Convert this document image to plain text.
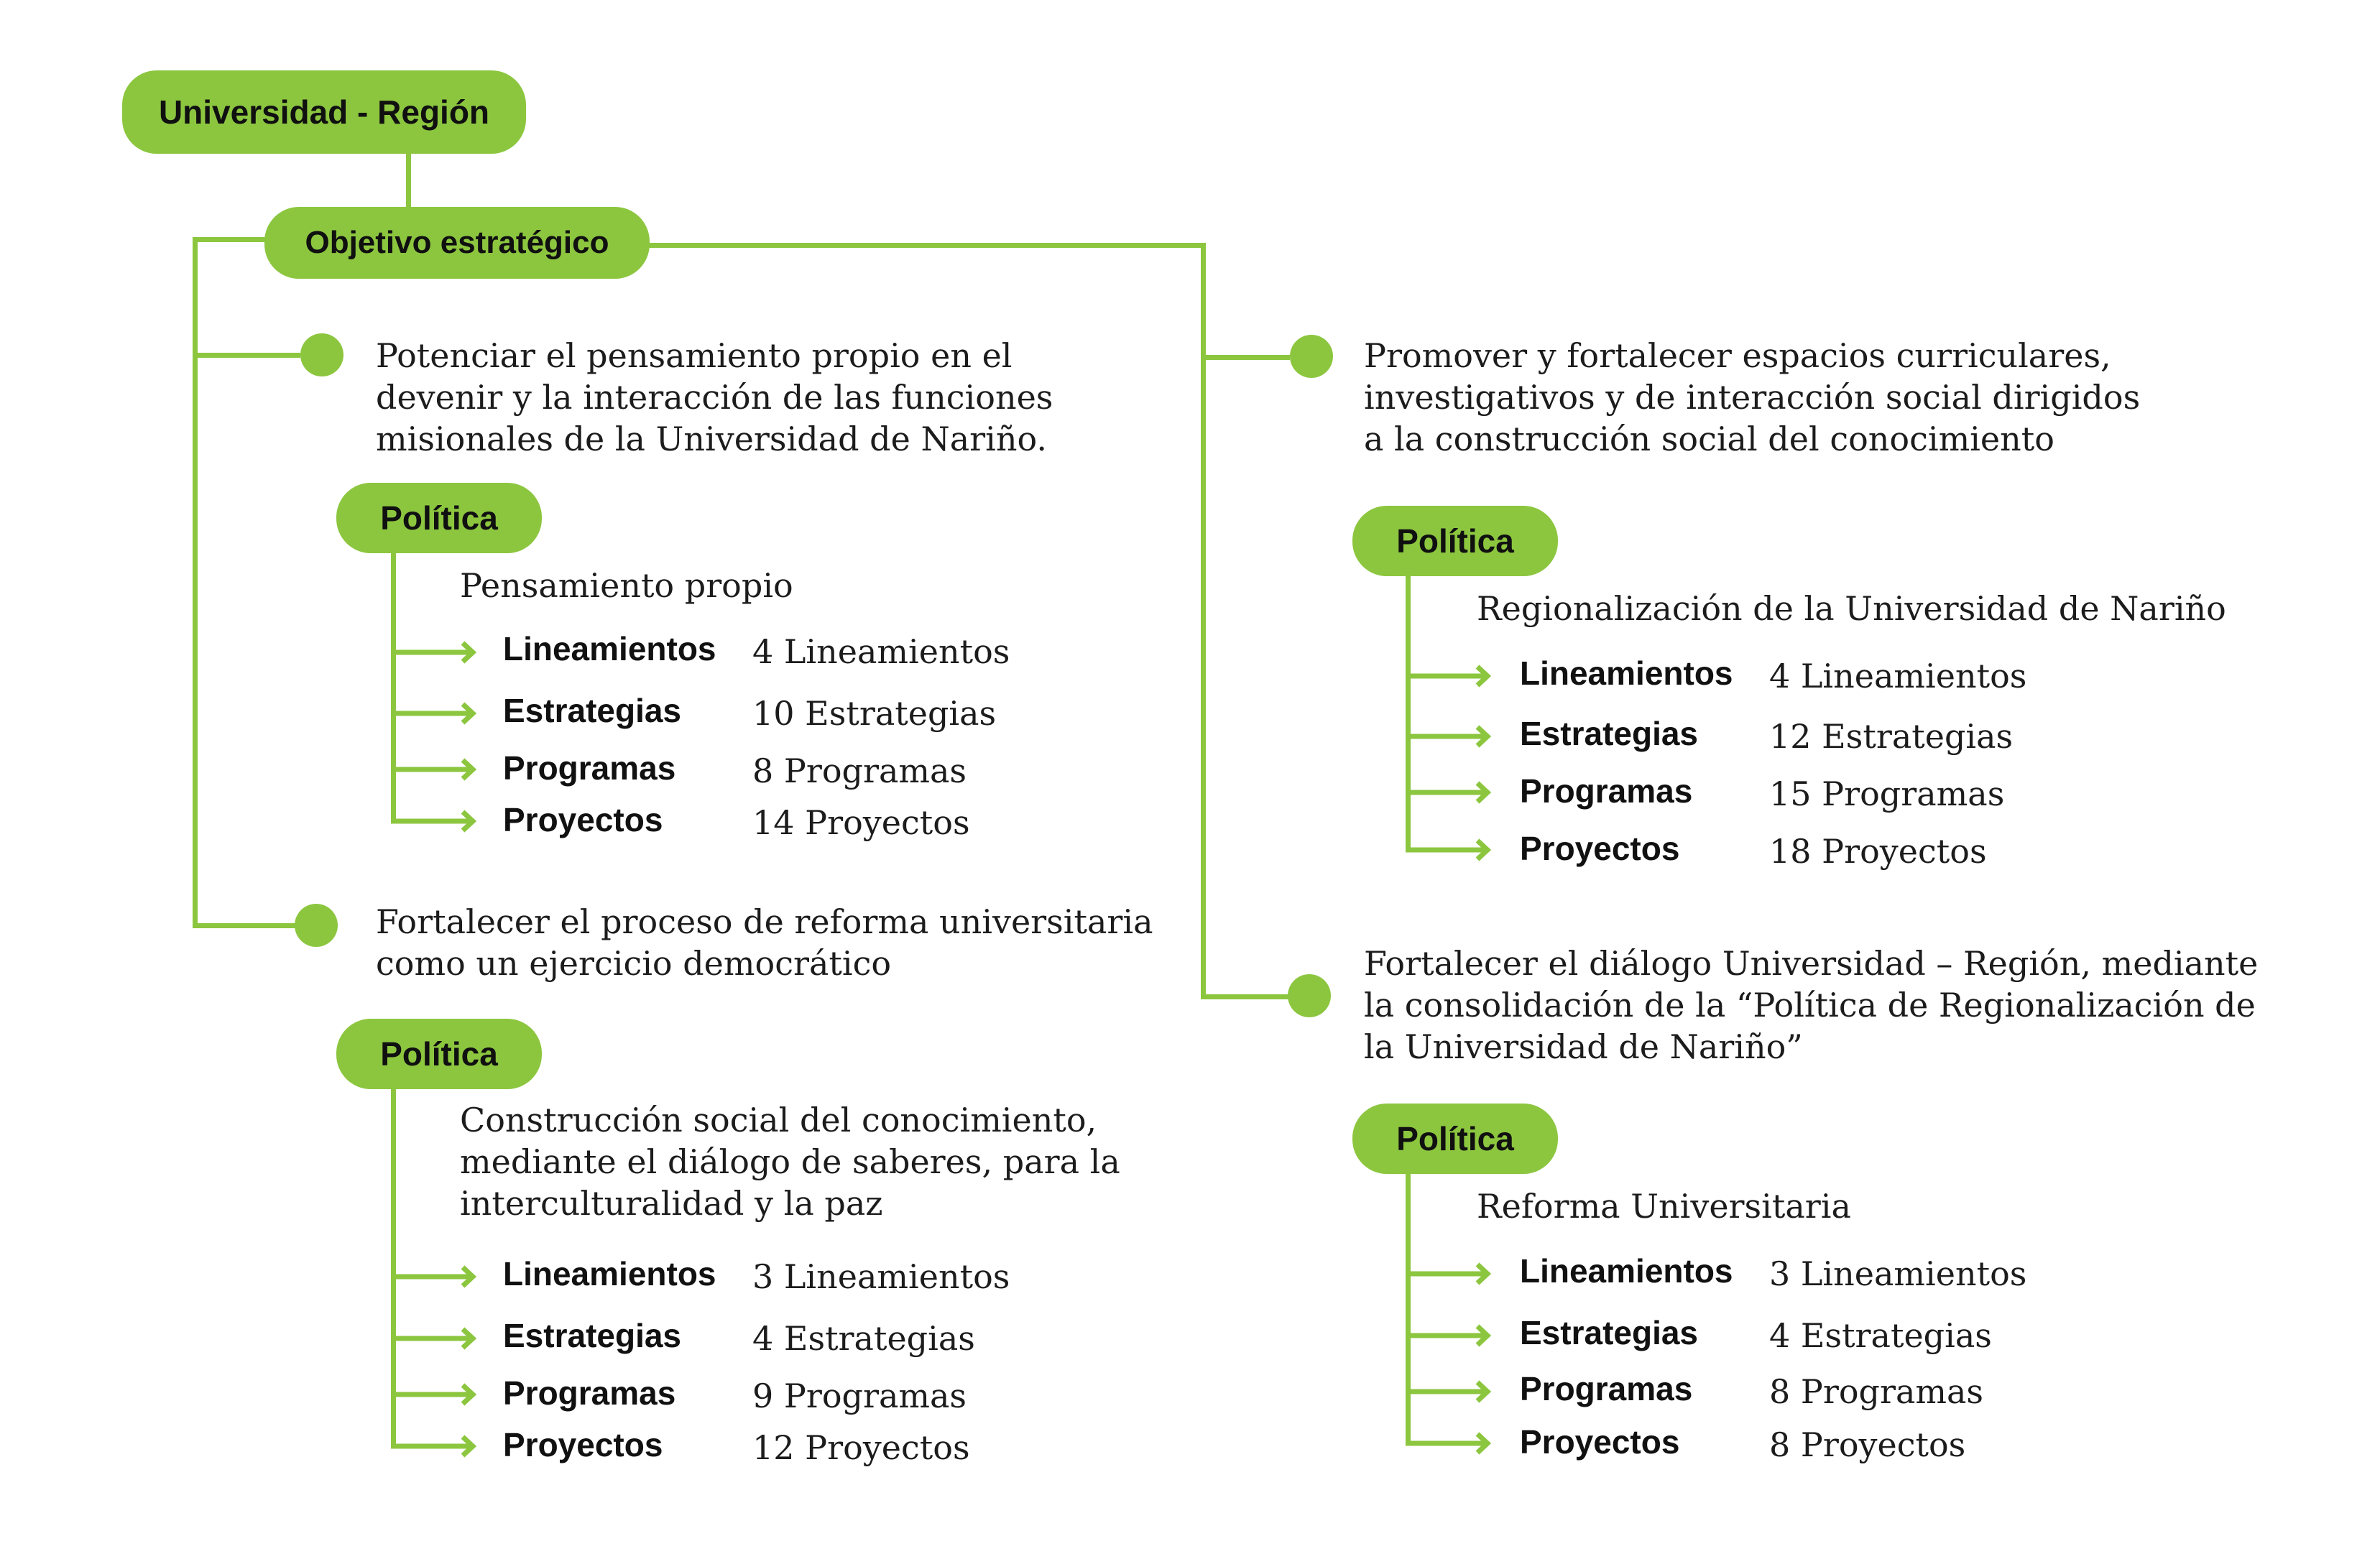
Universidad - Región
Objetivo estratégico
Potenciar el pensamiento propio en el
devenir y la interacción de las funciones
misionales de la Universidad de Nariño.
Política
Pensamiento propio
Lineamientos 4 Lineamientos
Estrategias 10 Estrategias
Programas 8 Programas
Proyectos	14 Proyectos
Fortalecer el proceso de reforma universitaria
como un ejercicio democrático
Política
Construcción social del conocimiento,
mediante el diálogo de saberes, para la
interculturalidad y la paz
Lineamientos 3 Lineamientos
Estrategias 4 Estrategias
Programas 9 Programas
Proyectos	12 Proyectos
Promover y fortalecer espacios curriculares,
investigativos y de interacción social dirigidos
a la construcción social del conocimiento
Política
Regionalización de la Universidad de Nariño
Lineamientos 4 Lineamientos
Estrategias 12 Estrategias
Programas 15 Programas
Proyectos	18 Proyectos
Fortalecer el diálogo Universidad – Región, mediante
la consolidación de la “Política de Regionalización de
la Universidad de Nariño”
Política
Reforma Universitaria
Lineamientos 3 Lineamientos
Estrategias 4 Estrategias
Programas 8 Programas
Proyectos	8 Proyectos
